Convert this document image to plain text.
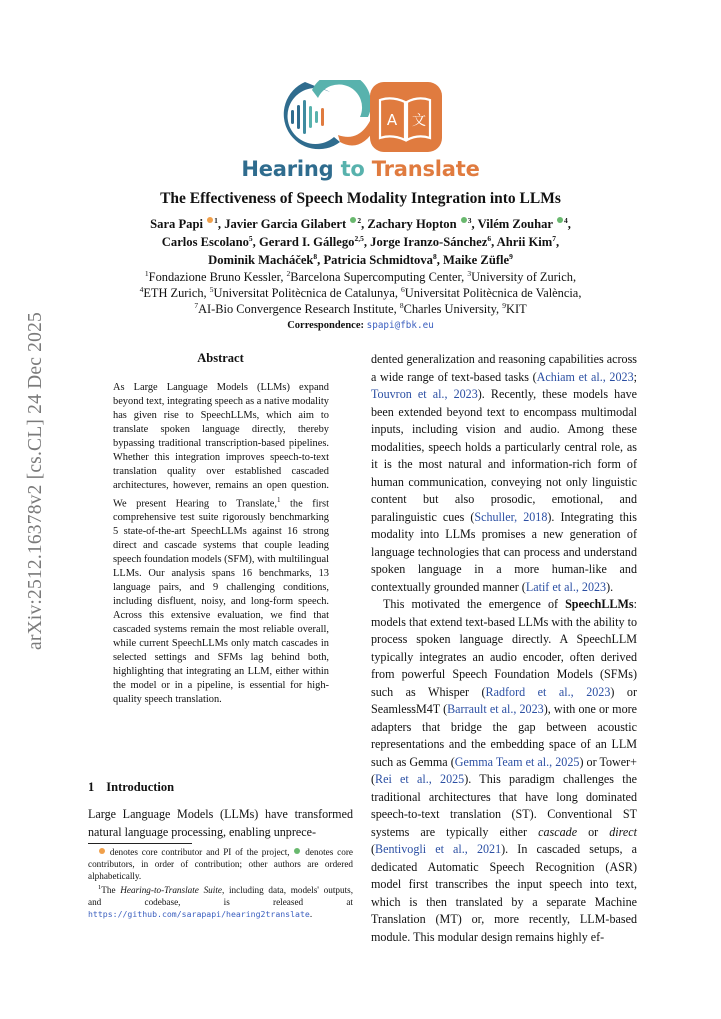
arXiv:2512.16378v2 [cs.CL] 24 Dec 2025
A 文
Hearing to Translate
The Effectiveness of Speech Modality Integration into LLMs
Sara Papi $^1$, Javier Garcia Gilabert $^2$, Zachary Hopton $^3$, Vilém Zouhar $^4$,
Carlos Escolano$^5$, Gerard I. Gállego$^{2,5}$, Jorge Iranzo-Sánchez$^6$, Ahrii Kim$^7$,
Dominik Macháček$^8$, Patricia Schmidtova$^8$, Maike Züfle$^9$
$^1$Fondazione Bruno Kessler, $^2$Barcelona Supercomputing Center, $^3$University of Zurich,
$^4$ETH Zurich, $^5$Universitat Politècnica de Catalunya, $^6$Universitat Politècnica de València,
$^7$AI-Bio Convergence Research Institute, $^8$Charles University, $^9$KIT
Correspondence: spapi@fbk.eu
Abstract
As Large Language Models (LLMs) expand beyond text, integrating speech as a native modality has given rise to SpeechLLMs, which aim to translate spoken language directly, thereby bypassing traditional transcription-based pipelines. Whether this integration improves speech-to-text translation quality over established cascaded architectures, however, remains an open question. We present Hearing to Translate,$^1$ the first comprehensive test suite rigorously benchmarking 5 state-of-the-art SpeechLLMs against 16 strong direct and cascade systems that couple leading speech foundation models (SFM), with multilingual LLMs. Our analysis spans 16 benchmarks, 13 language pairs, and 9 challenging conditions, including disfluent, noisy, and long-form speech. Across this extensive evaluation, we find that cascaded systems remain the most reliable overall, while current SpeechLLMs only match cascades in selected settings and SFMs lag behind both, highlighting that integrating an LLM, either within the model or in a pipeline, is essential for high-quality speech translation.
1 Introduction
Large Language Models (LLMs) have transformed natural language processing, enabling unprece-

denotes core contributor and PI of the project,  denotes core contributors, in order of contribution; other authors are ordered alphabetically.

$^1$The Hearing-to-Translate Suite, including data, models' outputs, and codebase, is released at https://github.com/sarapapi/hearing2translate.

dented generalization and reasoning capabilities across a wide range of text-based tasks (Achiam et al., 2023; Touvron et al., 2023). Recently, these models have been extended beyond text to encompass multimodal inputs, including vision and audio. Among these modalities, speech holds a particularly central role, as it is the most natural and information-rich form of human communication, conveying not only linguistic content but also prosodic, emotional, and paralinguistic cues (Schuller, 2018). Integrating this modality into LLMs promises a new generation of language technologies that can process and understand spoken language in a more human-like and contextually grounded manner (Latif et al., 2023).

This motivated the emergence of SpeechLLMs: models that extend text-based LLMs with the ability to process spoken language directly. A SpeechLLM typically integrates an audio encoder, often derived from powerful Speech Foundation Models (SFMs) such as Whisper (Radford et al., 2023) or SeamlessM4T (Barrault et al., 2023), with one or more adapters that bridge the gap between acoustic representations and the embedding space of an LLM such as Gemma (Gemma Team et al., 2025) or Tower+ (Rei et al., 2025). This paradigm challenges the traditional architectures that have long dominated speech-to-text translation (ST). Conventional ST systems are typically either cascade or direct (Bentivogli et al., 2021). In cascaded setups, a dedicated Automatic Speech Recognition (ASR) model first transcribes the input speech into text, which is then translated by a separate Machine Translation (MT) or, more recently, LLM-based module. This modular design remains highly ef-
